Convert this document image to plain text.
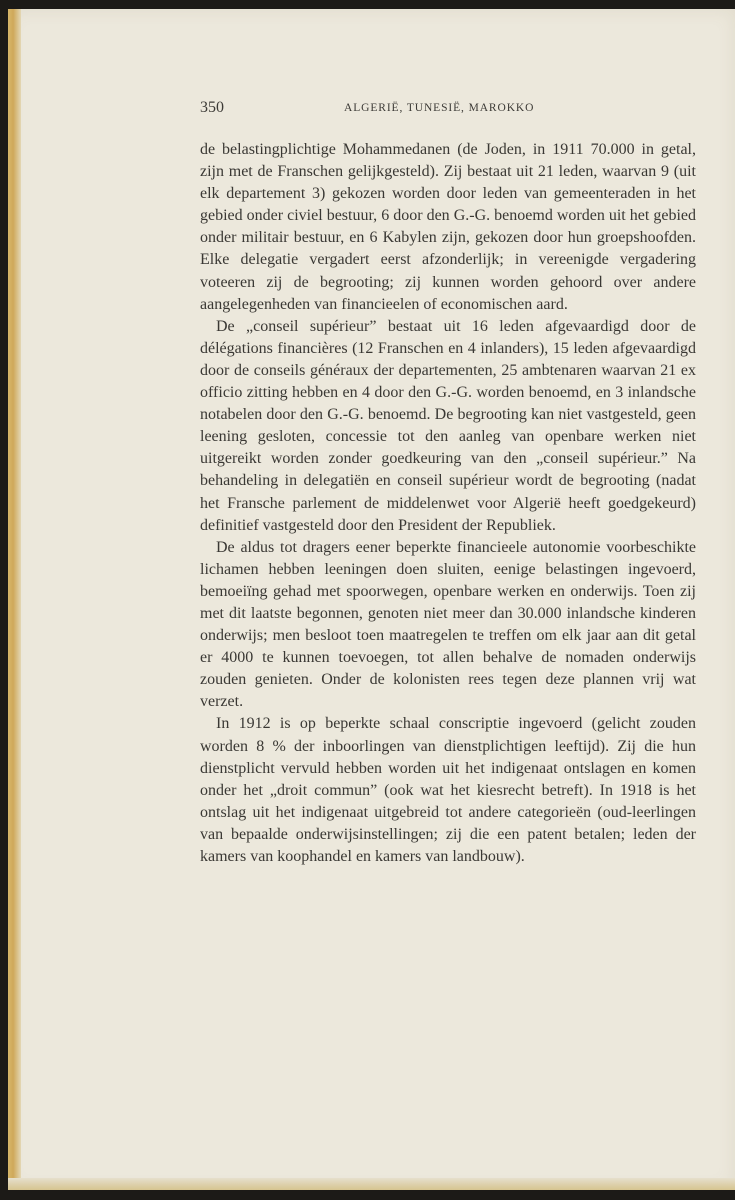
350	ALGERIË, TUNESIË, MAROKKO

de belastingplichtige Mohammedanen (de Joden, in 1911 70.000 in getal, zijn met de Franschen gelijkgesteld). Zij bestaat uit 21 leden, waarvan 9 (uit elk departement 3) gekozen worden door leden van gemeenteraden in het gebied onder civiel bestuur, 6 door den G.-G. benoemd worden uit het gebied onder militair bestuur, en 6 Kabylen zijn, gekozen door hun groepshoofden. Elke delegatie vergadert eerst afzonderlijk; in vereenigde vergadering voteeren zij de begrooting; zij kunnen worden gehoord over andere aangelegenheden van financieelen of economischen aard.

De „conseil supérieur” bestaat uit 16 leden afgevaardigd door de délégations financières (12 Franschen en 4 inlanders), 15 leden afgevaardigd door de conseils généraux der departementen, 25 ambtenaren waarvan 21 ex officio zitting hebben en 4 door den G.-G. worden benoemd, en 3 inlandsche notabelen door den G.-G. benoemd. De begrooting kan niet vastgesteld, geen leening gesloten, concessie tot den aanleg van openbare werken niet uitgereikt worden zonder goedkeuring van den „conseil supérieur.” Na behandeling in delegatiën en conseil supérieur wordt de begrooting (nadat het Fransche parlement de middelenwet voor Algerië heeft goedgekeurd) definitief vastgesteld door den President der Republiek.

De aldus tot dragers eener beperkte financieele autonomie voorbeschikte lichamen hebben leeningen doen sluiten, eenige belastingen ingevoerd, bemoeiïng gehad met spoorwegen, openbare werken en onderwijs. Toen zij met dit laatste begonnen, genoten niet meer dan 30.000 inlandsche kinderen onderwijs; men besloot toen maatregelen te treffen om elk jaar aan dit getal er 4000 te kunnen toevoegen, tot allen behalve de nomaden onderwijs zouden genieten. Onder de kolonisten rees tegen deze plannen vrij wat verzet.

In 1912 is op beperkte schaal conscriptie ingevoerd (gelicht zouden worden 8 % der inboorlingen van dienstplichtigen leeftijd). Zij die hun dienstplicht vervuld hebben worden uit het indigenaat ontslagen en komen onder het „droit commun” (ook wat het kiesrecht betreft). In 1918 is het ontslag uit het indigenaat uitgebreid tot andere categorieën (oud-leerlingen van bepaalde onderwijsinstellingen; zij die een patent betalen; leden der kamers van koophandel en kamers van landbouw).
